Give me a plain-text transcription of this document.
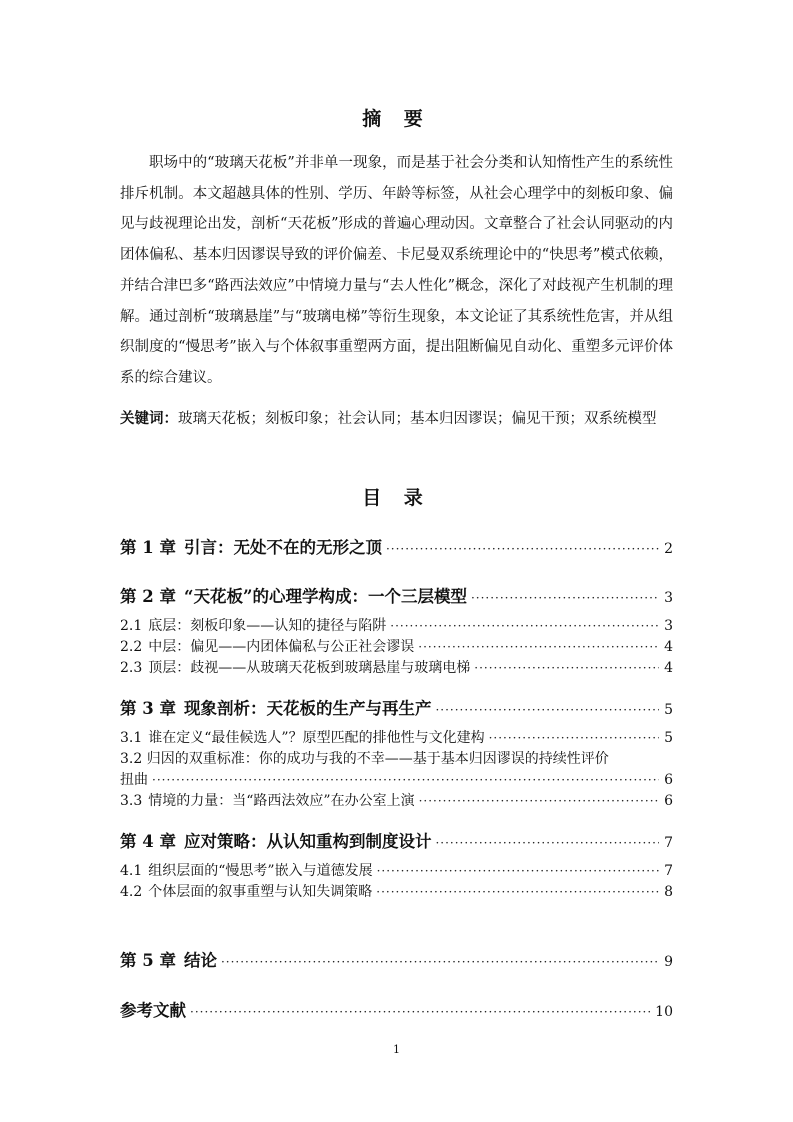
摘 要

职场中的“玻璃天花板”并非单一现象，而是基于社会分类和认知惰性产生的系统性排斥机制。本文超越具体的性别、学历、年龄等标签，从社会心理学中的刻板印象、偏见与歧视理论出发，剖析“天花板”形成的普遍心理动因。文章整合了社会认同驱动的内团体偏私、基本归因谬误导致的评价偏差、卡尼曼双系统理论中的“快思考”模式依赖，并结合津巴多“路西法效应”中情境力量与“去人性化”概念，深化了对歧视产生机制的理解。通过剖析“玻璃悬崖”与“玻璃电梯”等衍生现象，本文论证了其系统性危害，并从组织制度的“慢思考”嵌入与个体叙事重塑两方面，提出阻断偏见自动化、重塑多元评价体系的综合建议。

关键词：玻璃天花板；刻板印象；社会认同；基本归因谬误；偏见干预；双系统模型

目 录
第 1 章 引言：无处不在的无形之顶 ·····	2
第 2 章 “天花板”的心理学构成：一个三层模型 ·····	3
2.1 底层：刻板印象——认知的捷径与陷阱 ·····	3
2.2 中层：偏见——内团体偏私与公正社会谬误 ·····	4
2.3 顶层：歧视——从玻璃天花板到玻璃悬崖与玻璃电梯 ·····	4
第 3 章 现象剖析：天花板的生产与再生产 ·····	5
3.1 谁在定义“最佳候选人”？原型匹配的排他性与文化建构 ·····	5
3.2 归因的双重标准：你的成功与我的不幸——基于基本归因谬误的持续性评价
扭曲 ·····	6
3.3 情境的力量：当“路西法效应”在办公室上演 ·····	6
第 4 章 应对策略：从认知重构到制度设计 ·····	7
4.1 组织层面的“慢思考”嵌入与道德发展 ·····	7
4.2 个体层面的叙事重塑与认知失调策略 ·····	8
第 5 章 结论 ·····	9
参考文献 ·····	10
1
